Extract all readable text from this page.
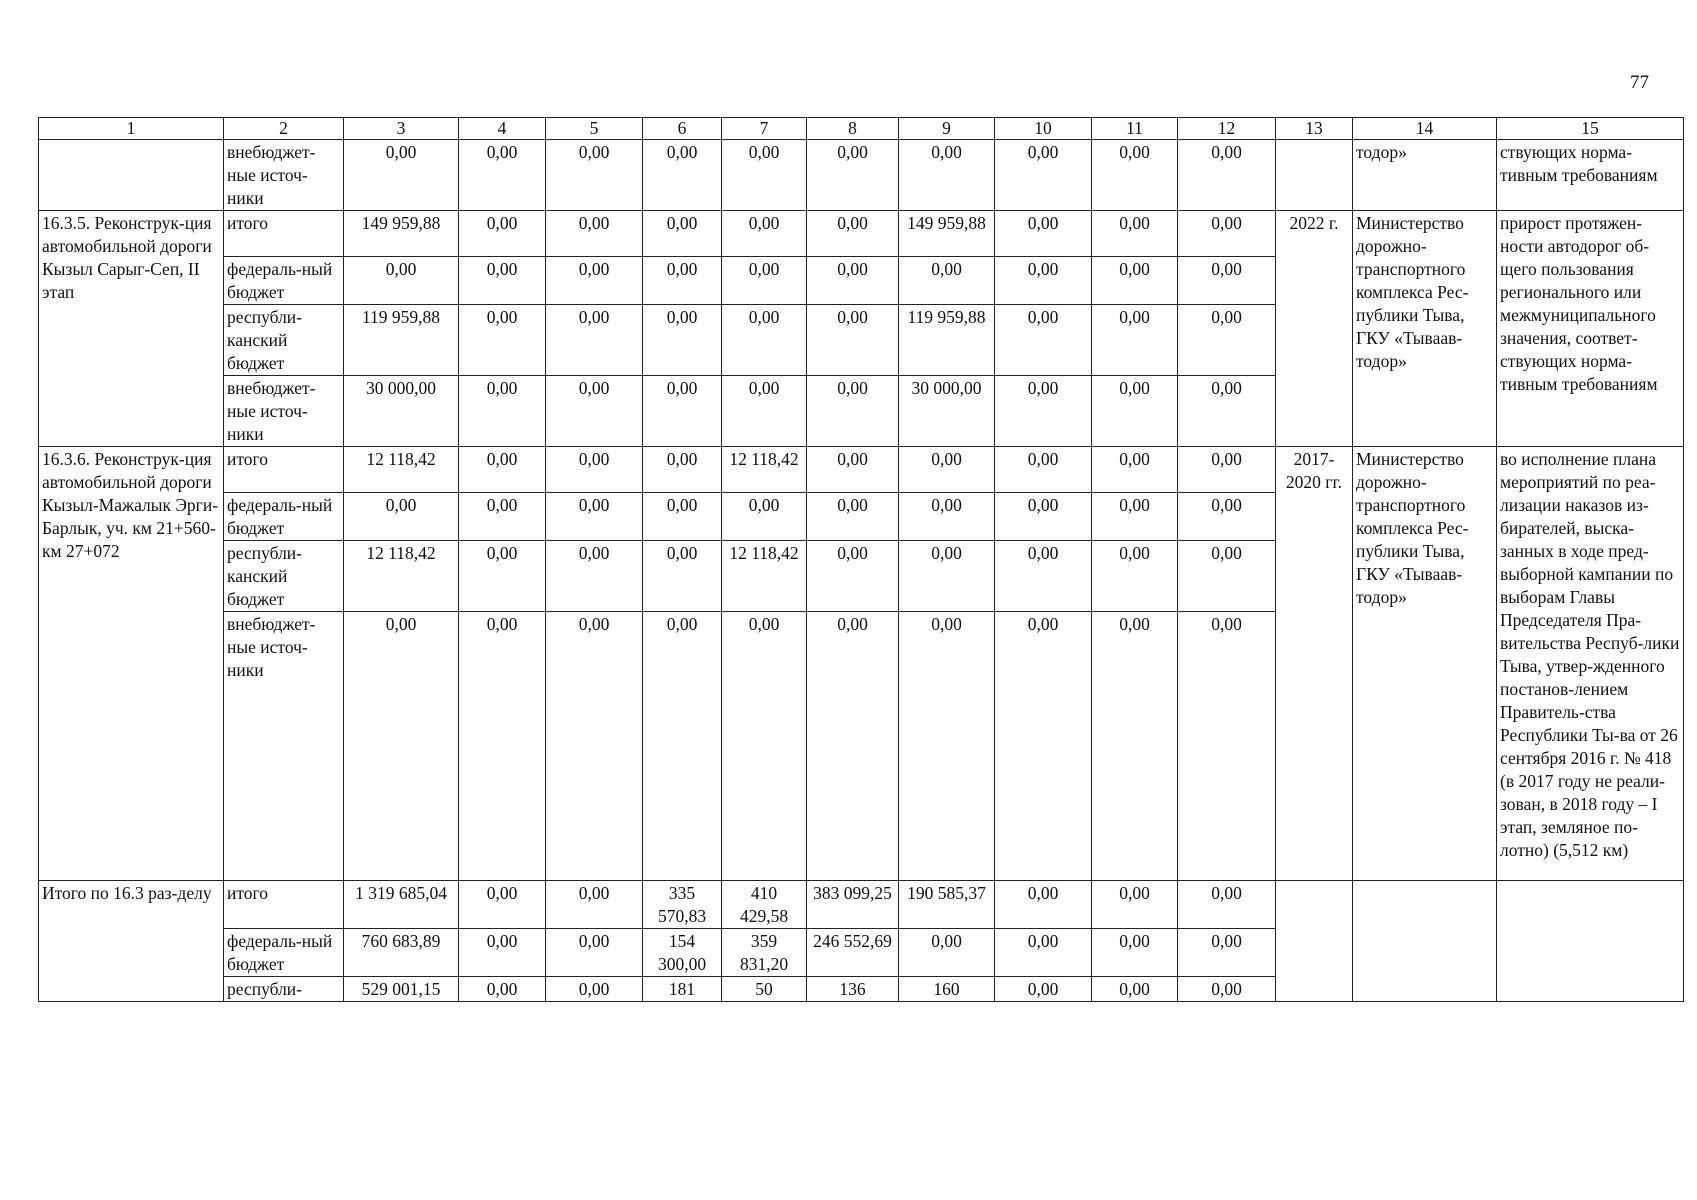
77
1	2	3	4	5	6	7	8	9	10	11	12	13	14	15
	внебюджет-ные источ-ники	0,00	0,00	0,00	0,00	0,00	0,00	0,00	0,00	0,00	0,00		тодор»	ствующих норма-тивным требованиям
16.3.5. Реконструк-ция автомобильной дороги Кызыл Сарыг-Сеп, II этап	итого	149 959,88	0,00	0,00	0,00	0,00	0,00	149 959,88	0,00	0,00	0,00	2022 г.	Министерство дорожно-транспортного комплекса Рес-публики Тыва, ГКУ «Тываав-тодор»	прирост протяжен-ности автодорог об-щего пользования регионального или межмуниципального значения, соответ-ствующих норма-тивным требованиям
	федераль-ный бюджет	0,00	0,00	0,00	0,00	0,00	0,00	0,00	0,00	0,00	0,00			
	республи-канский бюджет	119 959,88	0,00	0,00	0,00	0,00	0,00	119 959,88	0,00	0,00	0,00			
	внебюджет-ные источ-ники	30 000,00	0,00	0,00	0,00	0,00	0,00	30 000,00	0,00	0,00	0,00			
16.3.6. Реконструк-ция автомобильной дороги Кызыл-Мажалык Эрги-Барлык, уч. км 21+560-км 27+072	итого	12 118,42	0,00	0,00	0,00	12 118,42	0,00	0,00	0,00	0,00	0,00	2017-2020 гг.	Министерство дорожно-транспортного комплекса Рес-публики Тыва, ГКУ «Тываав-тодор»	во исполнение плана мероприятий по реа-лизации наказов из-бирателей, выска-занных в ходе пред-выборной кампании по выборам Главы Председателя Пра-вительства Респуб-лики Тыва, утвер-жденного постанов-лением Правитель-ства Республики Ты-ва от 26 сентября 2016 г. № 418 (в 2017 году не реали-зован, в 2018 году – I этап, земляное по-лотно) (5,512 км)
	федераль-ный бюджет	0,00	0,00	0,00	0,00	0,00	0,00	0,00	0,00	0,00	0,00			
	республи-канский бюджет	12 118,42	0,00	0,00	0,00	12 118,42	0,00	0,00	0,00	0,00	0,00			
	внебюджет-ные источ-ники	0,00	0,00	0,00	0,00	0,00	0,00	0,00	0,00	0,00	0,00			
Итого по 16.3 раз-делу	итого	1 319 685,04	0,00	0,00	335 570,83	410 429,58	383 099,25	190 585,37	0,00	0,00	0,00			
	федераль-ный бюджет	760 683,89	0,00	0,00	154 300,00	359 831,20	246 552,69	0,00	0,00	0,00	0,00			
	республи-	529 001,15	0,00	0,00	181	50	136	160	0,00	0,00	0,00			
